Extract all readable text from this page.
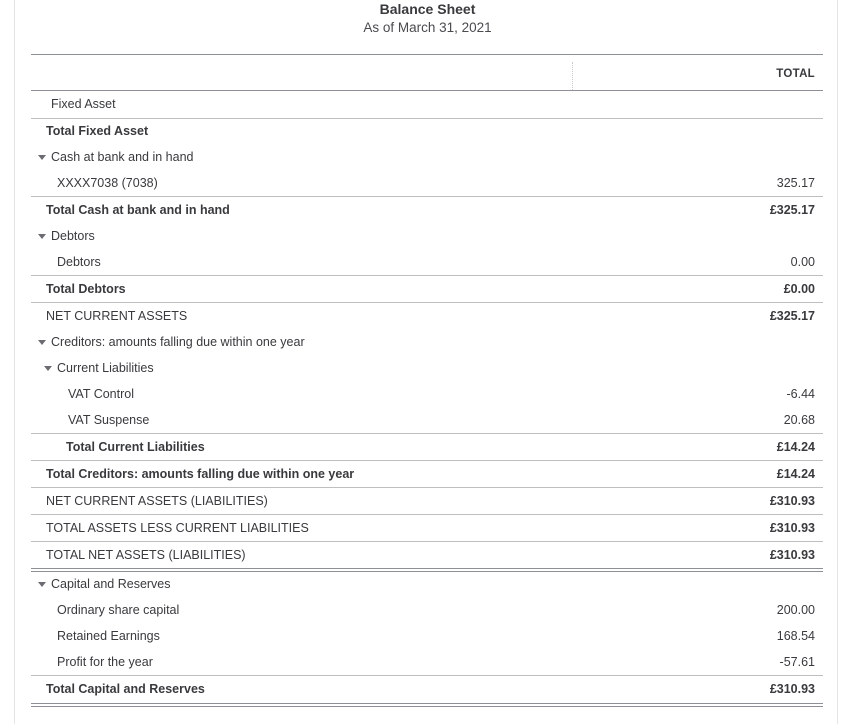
Balance Sheet
As of March 31, 2021
TOTAL
Fixed Asset
Total Fixed Asset
Cash at bank and in hand
XXXX7038 (7038)	325.17
Total Cash at bank and in hand	£325.17
Debtors
Debtors	0.00
Total Debtors	£0.00
NET CURRENT ASSETS	£325.17
Creditors: amounts falling due within one year
Current Liabilities
VAT Control	-6.44
VAT Suspense	20.68
Total Current Liabilities	£14.24
Total Creditors: amounts falling due within one year	£14.24
NET CURRENT ASSETS (LIABILITIES)	£310.93
TOTAL ASSETS LESS CURRENT LIABILITIES	£310.93
TOTAL NET ASSETS (LIABILITIES)	£310.93
Capital and Reserves
Ordinary share capital	200.00
Retained Earnings	168.54
Profit for the year	-57.61
Total Capital and Reserves	£310.93
